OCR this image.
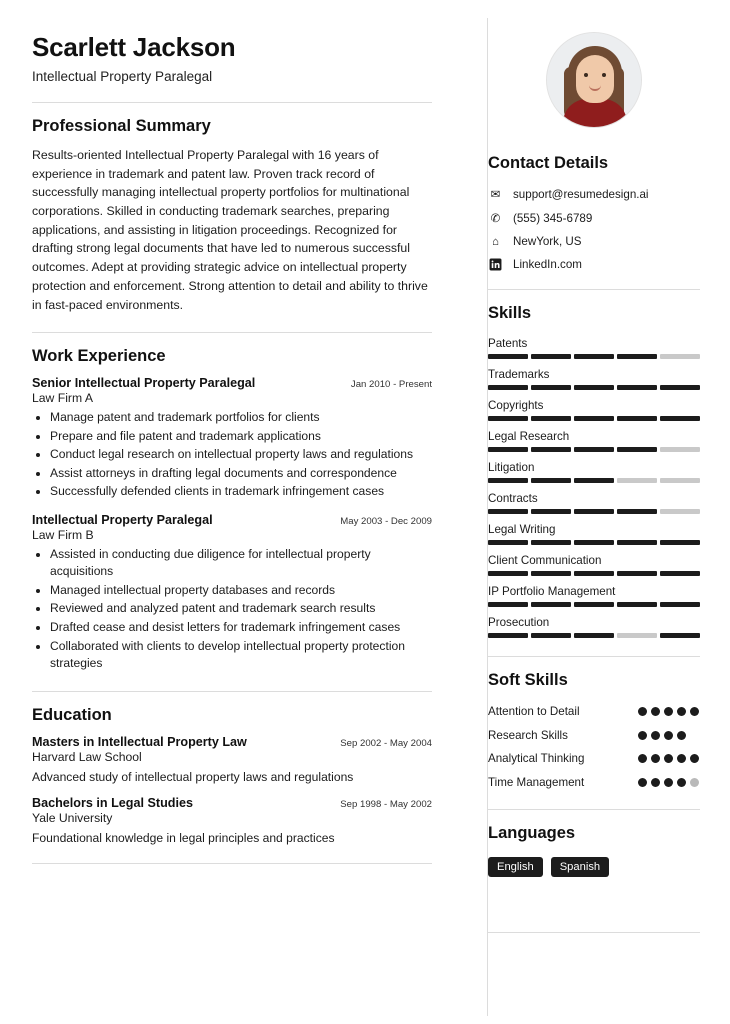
Scarlett Jackson

Intellectual Property Paralegal

Professional Summary

Results-oriented Intellectual Property Paralegal with 16 years of experience in trademark and patent law. Proven track record of successfully managing intellectual property portfolios for multinational corporations. Skilled in conducting trademark searches, preparing applications, and assisting in litigation proceedings. Recognized for drafting strong legal documents that have led to numerous successful outcomes. Adept at providing strategic advice on intellectual property protection and enforcement. Strong attention to detail and ability to thrive in fast-paced environments.

Work Experience
Senior Intellectual Property Paralegal	Jan 2010 - Present
Law Firm A
• Manage patent and trademark portfolios for clients
• Prepare and file patent and trademark applications
• Conduct legal research on intellectual property laws and regulations
• Assist attorneys in drafting legal documents and correspondence
• Successfully defended clients in trademark infringement cases
Intellectual Property Paralegal	May 2003 - Dec 2009
Law Firm B
• Assisted in conducting due diligence for intellectual property acquisitions
• Managed intellectual property databases and records
• Reviewed and analyzed patent and trademark search results
• Drafted cease and desist letters for trademark infringement cases
• Collaborated with clients to develop intellectual property protection strategies
Education
Masters in Intellectual Property Law	Sep 2002 - May 2004
Harvard Law School

Advanced study of intellectual property laws and regulations

Bachelors in Legal Studies	Sep 1998 - May 2002
Yale University

Foundational knowledge in legal principles and practices

Contact Details
✉ support@resumedesign.ai
✆ (555) 345-6789
⌂	NewYork, US
LinkedIn.com
Skills
Patents
Trademarks
Copyrights
Legal Research
Litigation
Contracts
Legal Writing
Client Communication
IP Portfolio Management
Prosecution
Soft Skills
Attention to Detail
Research Skills
Analytical Thinking
Time Management
Languages
English	Spanish
